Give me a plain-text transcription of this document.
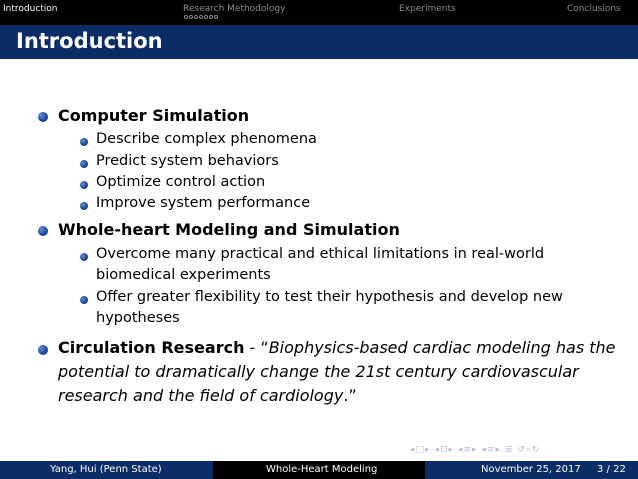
Introduction	Research Methodology	Experiments	Conclusions
Introduction
Computer Simulation
Describe complex phenomena
Predict system behaviors
Optimize control action
Improve system performance
Whole-heart Modeling and Simulation
Overcome many practical and ethical limitations in real-world
biomedical experiments
Offer greater flexibility to test their hypothesis and develop new
hypotheses
Circulation Research - “Biophysics-based cardiac modeling has the
potential to dramatically change the 21st century cardiovascular
research and the field of cardiology.”
◂□▸ ◂⊡▸ ◂≡▸ ◂≡▸ ≣ ↺⌕↻
Yang, Hui (Penn State)	Whole-Heart Modeling	November 25, 2017 3 / 22
